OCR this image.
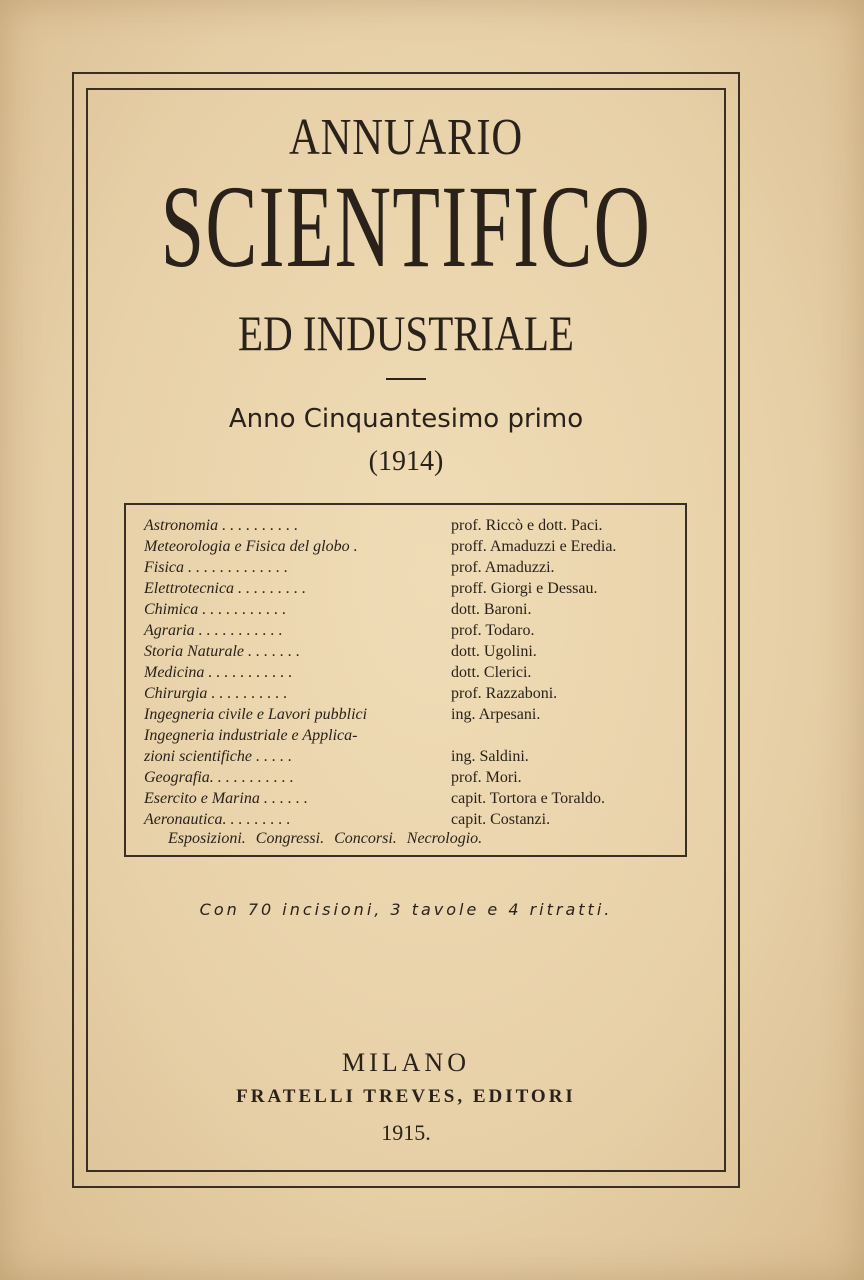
ANNUARIO
SCIENTIFICO
ED INDUSTRIALE
Anno Cinquantesimo primo
(1914)
Astronomia . . . . . . . . . .	prof. Riccò e dott. Paci.
Meteorologia e Fisica del globo .	proff. Amaduzzi e Eredia.
Fisica . . . . . . . . . . . . .	prof. Amaduzzi.
Elettrotecnica . . . . . . . . .	proff. Giorgi e Dessau.
Chimica . . . . . . . . . . .	dott. Baroni.
Agraria . . . . . . . . . . .	prof. Todaro.
Storia Naturale . . . . . . .	dott. Ugolini.
Medicina . . . . . . . . . . .	dott. Clerici.
Chirurgia . . . . . . . . . .	prof. Razzaboni.
Ingegneria civile e Lavori pubblici	ing. Arpesani.
Ingegneria industriale e Applica-
zioni scientifiche . . . . .	ing. Saldini.
Geografia. . . . . . . . . . .	prof. Mori.
Esercito e Marina . . . . . .	capit. Tortora e Toraldo.
Aeronautica. . . . . . . . .	capit. Costanzi.
Esposizioni. Congressi. Concorsi. Necrologio.
Con 70 incisioni, 3 tavole e 4 ritratti.
MILANO
FRATELLI TREVES, EDITORI
1915.
